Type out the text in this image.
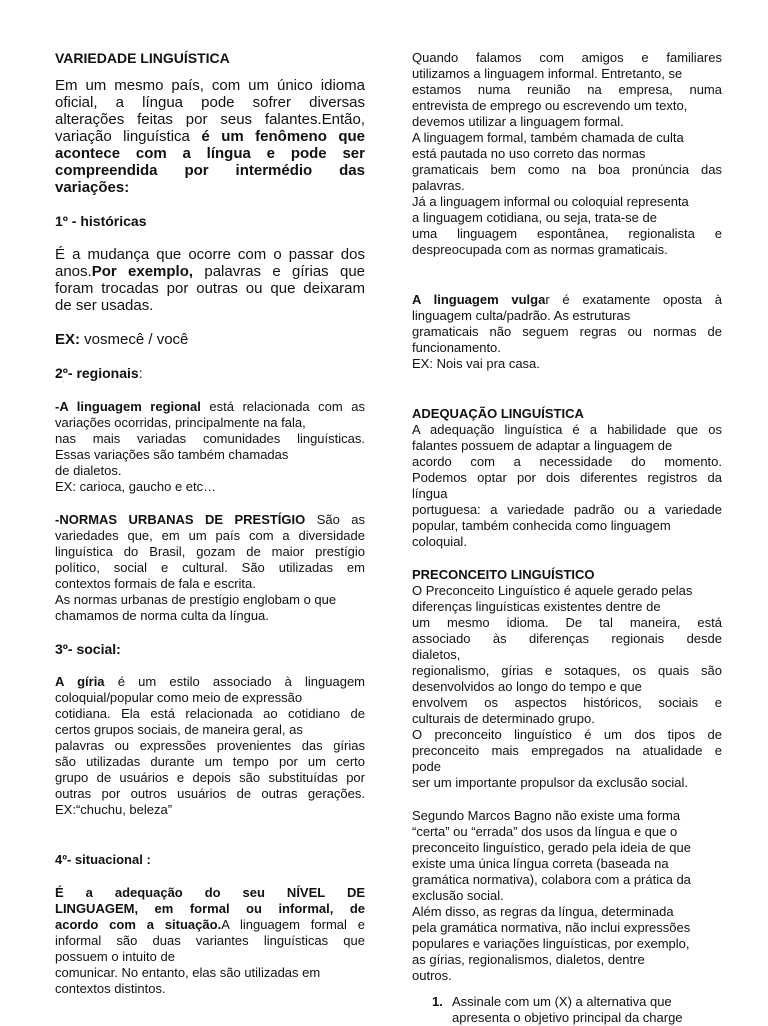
VARIEDADE LINGUÍSTICA

Em um mesmo país, com um único idioma

oficial, a língua pode sofrer diversas

alterações feitas por seus falantes.Então,

variação linguística é um fenômeno que

acontece com a língua e pode ser

compreendida por intermédio das

variações:

1º - históricas

É a mudança que ocorre com o passar dos

anos.Por exemplo, palavras e gírias que

foram trocadas por outras ou que deixaram

de ser usadas.

EX: vosmecê / você

2º- regionais:

-A linguagem regional está relacionada com as

variações ocorridas, principalmente na fala,

nas mais variadas comunidades linguísticas.

Essas variações são também chamadas

de dialetos.

EX: carioca, gaucho e etc…

-NORMAS URBANAS DE PRESTÍGIO São as

variedades que, em um país com a diversidade

linguística do Brasil, gozam de maior prestígio

político, social e cultural. São utilizadas em

contextos formais de fala e escrita.

As normas urbanas de prestígio englobam o que

chamamos de norma culta da língua.

3º- social:

A gíria é um estilo associado à linguagem

coloquial/popular como meio de expressão

cotidiana. Ela está relacionada ao cotidiano de

certos grupos sociais, de maneira geral, as

palavras ou expressões provenientes das gírias

são utilizadas durante um tempo por um certo

grupo de usuários e depois são substituídas por

outras por outros usuários de outras gerações.

EX:“chuchu, beleza”

4º- situacional :

É a adequação do seu NÍVEL DE

LINGUAGEM, em formal ou informal, de

acordo com a situação.A linguagem formal e

informal são duas variantes linguísticas que

possuem o intuito de

comunicar. No entanto, elas são utilizadas em

contextos distintos.

Quando falamos com amigos e familiares

utilizamos a linguagem informal. Entretanto, se

estamos numa reunião na empresa, numa

entrevista de emprego ou escrevendo um texto,

devemos utilizar a linguagem formal.

A linguagem formal, também chamada de culta

está pautada no uso correto das normas

gramaticais bem como na boa pronúncia das

palavras.

Já a linguagem informal ou coloquial representa

a linguagem cotidiana, ou seja, trata-se de

uma linguagem espontânea, regionalista e

despreocupada com as normas gramaticais.

A linguagem vulgar é exatamente oposta à

linguagem culta/padrão. As estruturas

gramaticais não seguem regras ou normas de

funcionamento.

EX: Nois vai pra casa.

ADEQUAÇÃO LINGUÍSTICA

A adequação linguística é a habilidade que os

falantes possuem de adaptar a linguagem de

acordo com a necessidade do momento.

Podemos optar por dois diferentes registros da

língua

portuguesa: a variedade padrão ou a variedade

popular, também conhecida como linguagem

coloquial.

PRECONCEITO LINGUÍSTICO

O Preconceito Linguístico é aquele gerado pelas

diferenças linguísticas existentes dentre de

um mesmo idioma. De tal maneira, está

associado às diferenças regionais desde

dialetos,

regionalismo, gírias e sotaques, os quais são

desenvolvidos ao longo do tempo e que

envolvem os aspectos históricos, sociais e

culturais de determinado grupo.

O preconceito linguístico é um dos tipos de

preconceito mais empregados na atualidade e

pode

ser um importante propulsor da exclusão social.

Segundo Marcos Bagno não existe uma forma

“certa” ou “errada” dos usos da língua e que o

preconceito linguístico, gerado pela ideia de que

existe uma única língua correta (baseada na

gramática normativa), colabora com a prática da

exclusão social.

Além disso, as regras da língua, determinada

pela gramática normativa, não inclui expressões

populares e variações linguísticas, por exemplo,

as gírias, regionalismos, dialetos, dentre

outros.

1. Assinale com um (X) a alternativa que

apresenta o objetivo principal da charge
